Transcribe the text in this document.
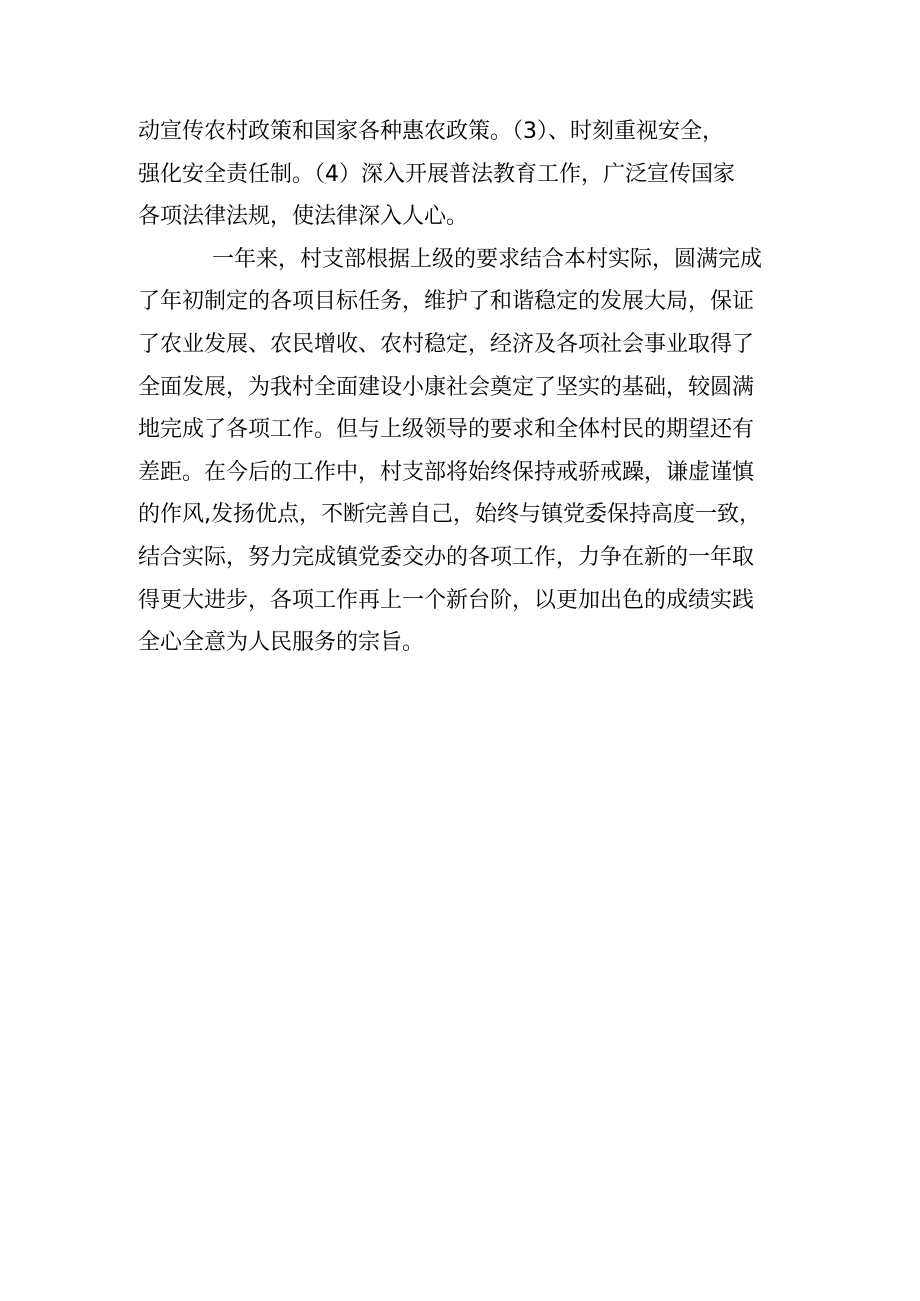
动宣传农村政策和国家各种惠农政策。（3）、时刻重视安全，
强化安全责任制。（4）深入开展普法教育工作，广泛宣传国家
各项法律法规，使法律深入人心。
一年来，村支部根据上级的要求结合本村实际，圆满完成
了年初制定的各项目标任务，维护了和谐稳定的发展大局，保证
了农业发展、农民增收、农村稳定，经济及各项社会事业取得了
全面发展，为我村全面建设小康社会奠定了坚实的基础，较圆满
地完成了各项工作。但与上级领导的要求和全体村民的期望还有
差距。在今后的工作中，村支部将始终保持戒骄戒躁，谦虚谨慎
的作风,发扬优点，不断完善自己，始终与镇党委保持高度一致，
结合实际，努力完成镇党委交办的各项工作，力争在新的一年取
得更大进步，各项工作再上一个新台阶，以更加出色的成绩实践
全心全意为人民服务的宗旨。
